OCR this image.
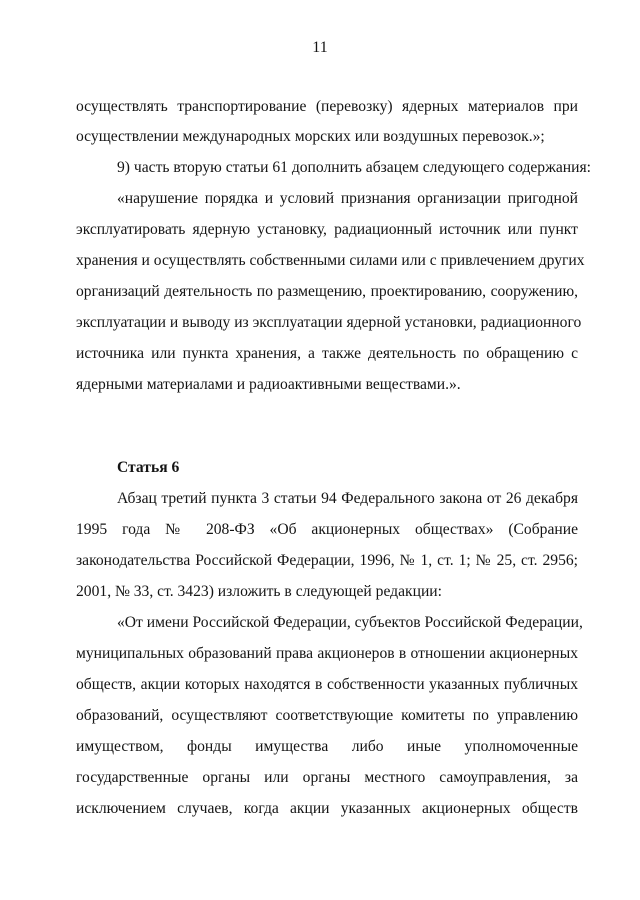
11
осуществлять транспортирование (перевозку) ядерных материалов при
осуществлении международных морских или воздушных перевозок.»;
9) часть вторую статьи 61 дополнить абзацем следующего содержания:
«нарушение порядка и условий признания организации пригодной
эксплуатировать ядерную установку, радиационный источник или пункт
хранения и осуществлять собственными силами или с привлечением других
организаций деятельность по размещению, проектированию, сооружению,
эксплуатации и выводу из эксплуатации ядерной установки, радиационного
источника или пункта хранения, а также деятельность по обращению с
ядерными материалами и радиоактивными веществами.».
Статья 6
Абзац третий пункта 3 статьи 94 Федерального закона от 26 декабря
1995 года № 208-ФЗ «Об акционерных обществах» (Собрание
законодательства Российской Федерации, 1996, № 1, ст. 1; № 25, ст. 2956;
2001, № 33, ст. 3423) изложить в следующей редакции:
«От имени Российской Федерации, субъектов Российской Федерации,
муниципальных образований права акционеров в отношении акционерных
обществ, акции которых находятся в собственности указанных публичных
образований, осуществляют соответствующие комитеты по управлению
имуществом, фонды имущества либо иные уполномоченные
государственные органы или органы местного самоуправления, за
исключением случаев, когда акции указанных акционерных обществ
